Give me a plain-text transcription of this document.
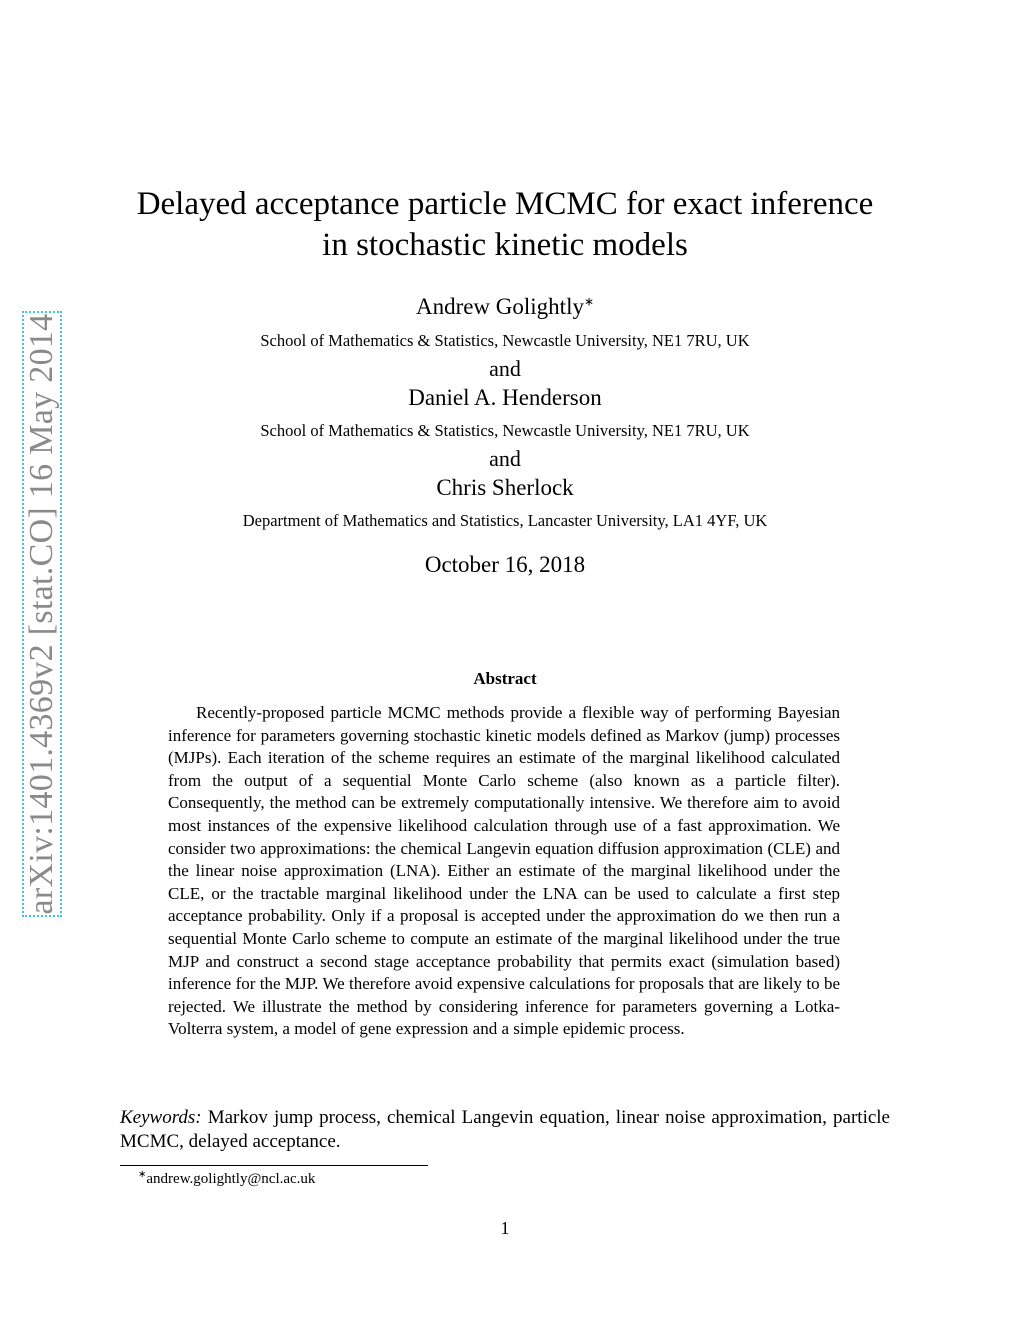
arXiv:1401.4369v2 [stat.CO] 16 May 2014
Delayed acceptance particle MCMC for exact inference
in stochastic kinetic models
Andrew Golightly∗
School of Mathematics & Statistics, Newcastle University, NE1 7RU, UK
and
Daniel A. Henderson
School of Mathematics & Statistics, Newcastle University, NE1 7RU, UK
and
Chris Sherlock
Department of Mathematics and Statistics, Lancaster University, LA1 4YF, UK
October 16, 2018
Abstract
Recently-proposed particle MCMC methods provide a flexible way of performing Bayesian inference for parameters governing stochastic kinetic models defined as Markov (jump) processes (MJPs). Each iteration of the scheme requires an estimate of the marginal likelihood calculated from the output of a sequential Monte Carlo scheme (also known as a particle filter). Consequently, the method can be extremely computationally intensive. We therefore aim to avoid most instances of the expensive likelihood calculation through use of a fast approximation. We consider two approximations: the chemical Langevin equation diffusion approximation (CLE) and the linear noise approximation (LNA). Either an estimate of the marginal likelihood under the CLE, or the tractable marginal likelihood under the LNA can be used to calculate a first step acceptance probability. Only if a proposal is accepted under the approximation do we then run a sequential Monte Carlo scheme to compute an estimate of the marginal likelihood under the true MJP and construct a second stage acceptance probability that permits exact (simulation based) inference for the MJP. We therefore avoid expensive calculations for proposals that are likely to be rejected. We illustrate the method by considering inference for parameters governing a Lotka-Volterra system, a model of gene expression and a simple epidemic process.
Keywords: Markov jump process, chemical Langevin equation, linear noise approximation, particle MCMC, delayed acceptance.
∗andrew.golightly@ncl.ac.uk
1
